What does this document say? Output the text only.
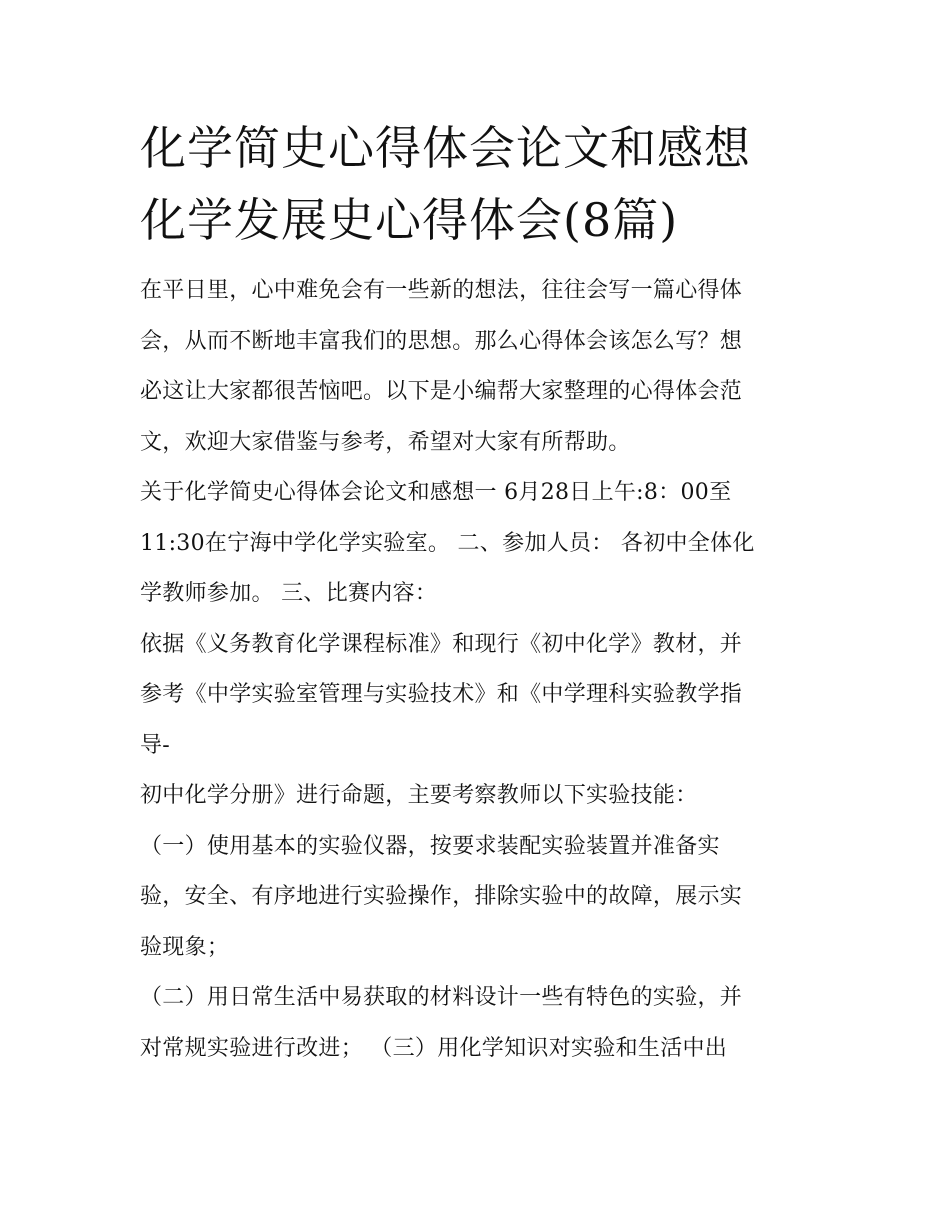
化学简史心得体会论文和感想
化学发展史心得体会(8篇)
在平日里，心中难免会有一些新的想法，往往会写一篇心得体
会，从而不断地丰富我们的思想。那么心得体会该怎么写？想
必这让大家都很苦恼吧。以下是小编帮大家整理的心得体会范
文，欢迎大家借鉴与参考，希望对大家有所帮助。
关于化学简史心得体会论文和感想一 6月28日上午:8：00至
11:30在宁海中学化学实验室。 二、参加人员： 各初中全体化
学教师参加。 三、比赛内容：
依据《义务教育化学课程标准》和现行《初中化学》教材，并
参考《中学实验室管理与实验技术》和《中学理科实验教学指
导-
初中化学分册》进行命题，主要考察教师以下实验技能：
（一）使用基本的实验仪器，按要求装配实验装置并准备实
验，安全、有序地进行实验操作，排除实验中的故障，展示实
验现象；
（二）用日常生活中易获取的材料设计一些有特色的实验，并
对常规实验进行改进； （三）用化学知识对实验和生活中出
